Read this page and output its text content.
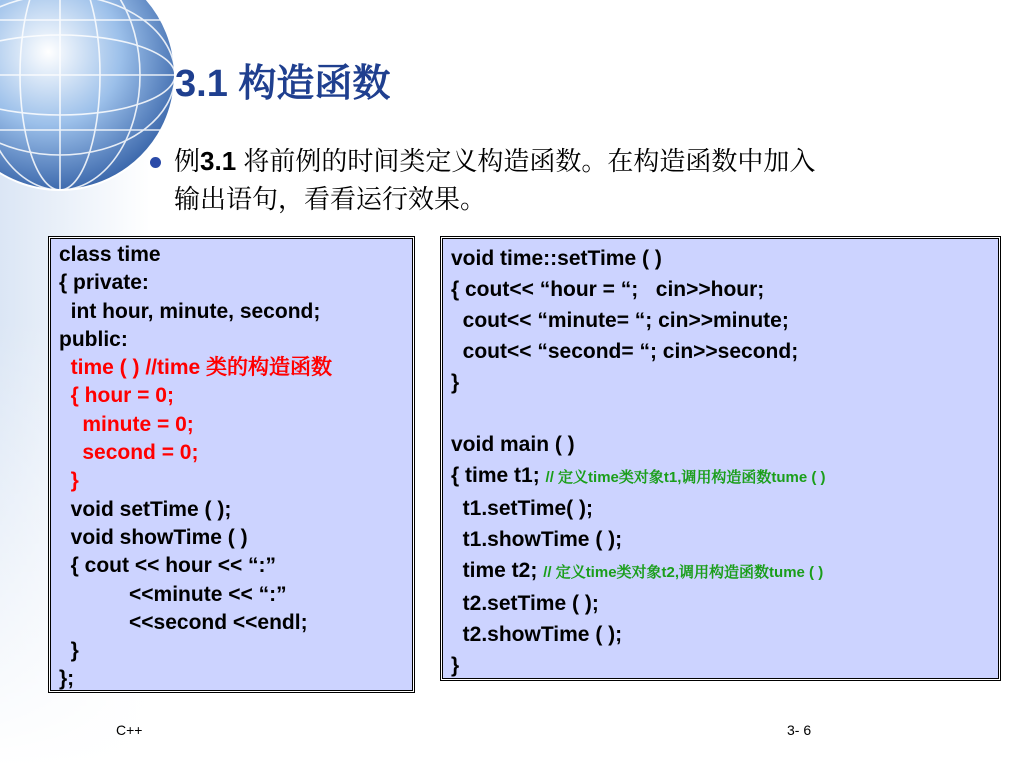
3.1 构造函数
例3.1 将前例的时间类定义构造函数。在构造函数中加入
输出语句，看看运行效果。
class time
{ private:
int hour, minute, second;
public:
time ( ) //time 类的构造函数
{ hour = 0;
minute = 0;
second = 0;
}
void setTime ( );
void showTime ( )
{ cout << hour << “:”
<<minute << “:”
<<second <<endl;
}
};
void time::setTime ( )
{ cout<< “hour = “;   cin>>hour;
cout<< “minute= “; cin>>minute;
cout<< “second= “; cin>>second;
}

void main ( )
{ time t1; // 定义time类对象t1,调用构造函数tume ( )
t1.setTime( );
t1.showTime ( );
time t2; // 定义time类对象t2,调用构造函数tume ( )
t2.setTime ( );
t2.showTime ( );
}
C++	3- 6
